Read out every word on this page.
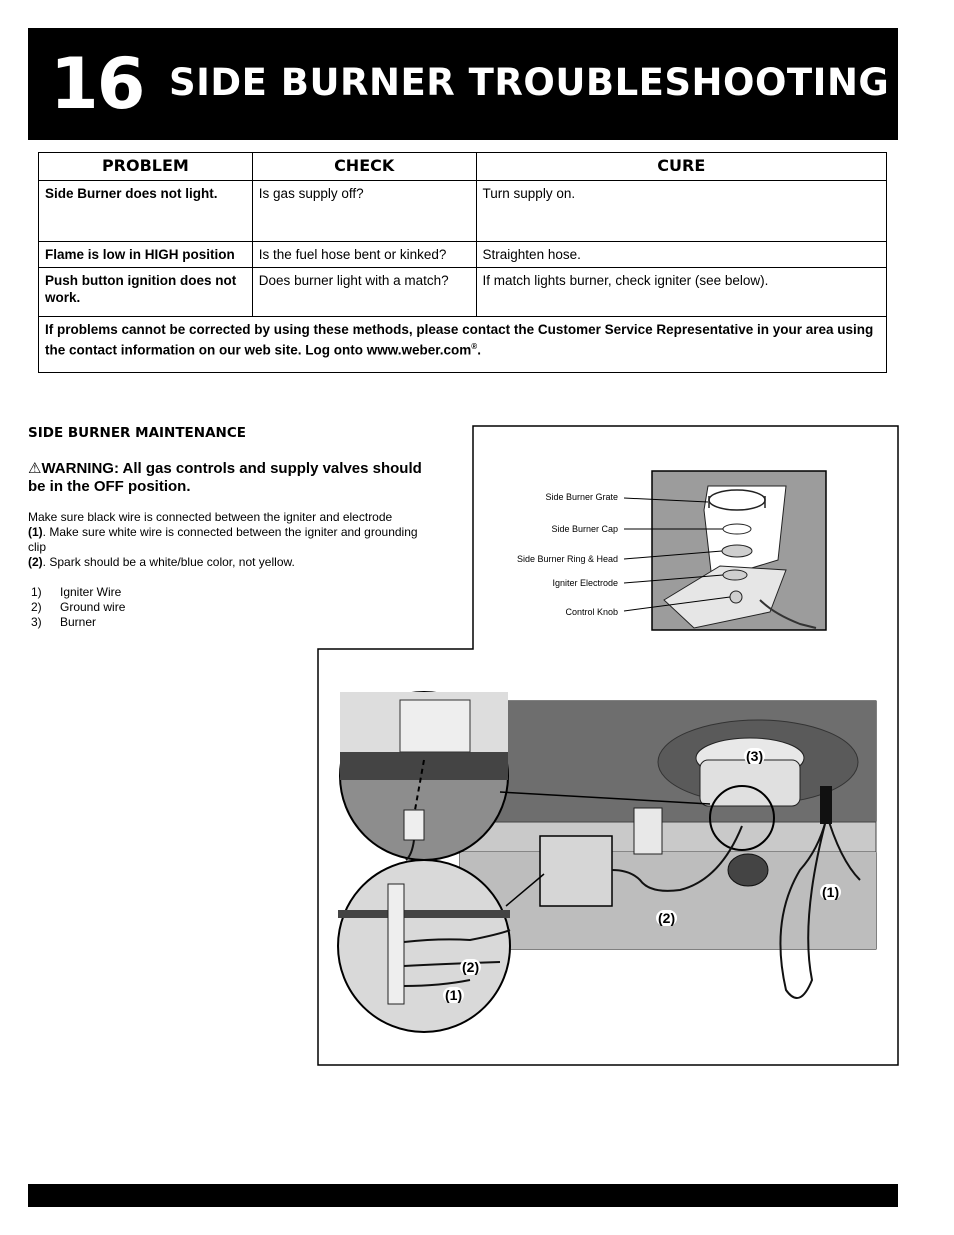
16 SIDE BURNER TROUBLESHOOTING
PROBLEM	CHECK	CURE
Side Burner does not light.	Is gas supply off?	Turn supply on.
Flame is low in HIGH position	Is the fuel hose bent or kinked?	Straighten hose.
Push button ignition does not work.	Does burner light with a match?	If match lights burner, check igniter (see below).
If problems cannot be corrected by using these methods, please contact the Customer Service Representative in your area using the contact information on our web site. Log onto www.weber.com®.		
SIDE BURNER MAINTENANCE
⚠WARNING: All gas controls and supply valves should be in the OFF position.

Make sure black wire is connected between the igniter and electrode

(1). Make sure white wire is connected between the igniter and grounding clip

(2). Spark should be a white/blue color, not yellow.

1)	Igniter Wire
2)	Ground wire
3)	Burner
Side Burner Grate
Side Burner Cap
Side Burner Ring & Head
Igniter Electrode
Control Knob
(3)
(1)
(2)
(2)
(1)
